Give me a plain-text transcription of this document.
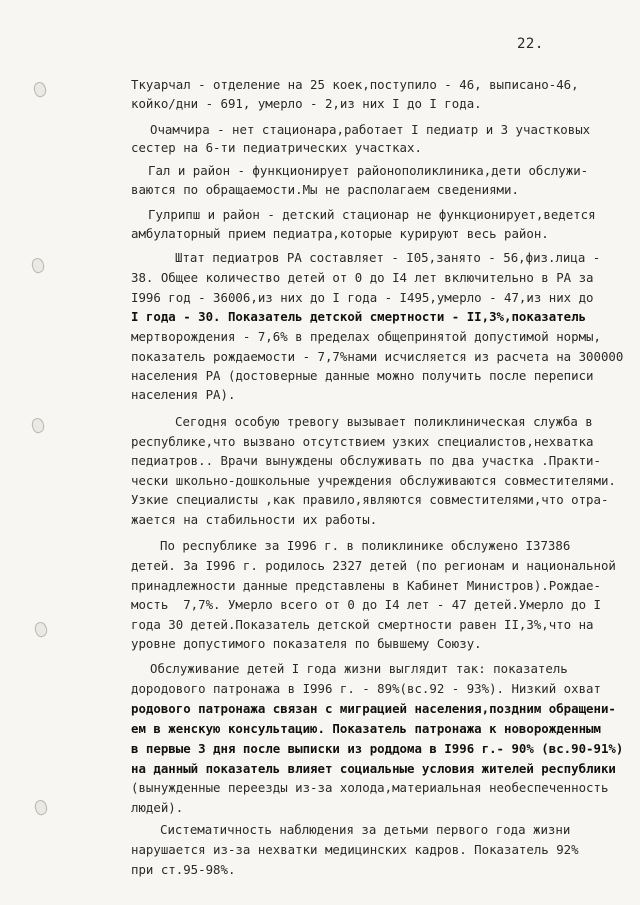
22.
Ткуарчал - отделение на 25 коек,поступило - 46, выписано-46,
койко/дни - 691, умерло - 2,из них I до I года.
Очамчира - нет стационара,работает I педиатр и 3 участковых
сестер на 6-ти педиатрических участках.
Гал и район - функционирует районополиклиника,дети обслужи-
ваются по обращаемости.Мы не располагаем сведениями.
Гулрипш и район - детский стационар не функционирует,ведется
амбулаторный прием педиатра,которые курируют весь район.
Штат педиатров РА составляет - I05,занято - 56,физ.лица -
38. Общее количество детей от 0 до I4 лет включительно в РА за
I996 год - 36006,из них до I года - I495,умерло - 47,из них до
I года - 30. Показатель детской смертности - II,3%,показатель
мертворождения - 7,6% в пределах общепринятой допустимой нормы,
показатель рождаемости - 7,7%нами исчисляется из расчета на 300000
населения РА (достоверные данные можно получить после переписи
населения РА).
Сегодня особую тревогу вызывает поликлиническая служба в
республике,что вызвано отсутствием узких специалистов,нехватка
педиатров.. Врачи вынуждены обслуживать по два участка .Практи-
чески школьно-дошкольные учреждения обслуживаются совместителями.
Узкие специалисты ,как правило,являются совместителями,что отра-
жается на стабильности их работы.
По республике за I996 г. в поликлинике обслужено I37386
детей. За I996 г. родилось 2327 детей (по регионам и национальной
принадлежности данные представлены в Кабинет Министров).Рождае-
мость  7,7%. Умерло всего от 0 до I4 лет - 47 детей.Умерло до I
года 30 детей.Показатель детской смертности равен II,3%,что на
уровне допустимого показателя по бывшему Союзу.
Обслуживание детей I года жизни выглядит так: показатель
дородового патронажа в I996 г. - 89%(вс.92 - 93%). Низкий охват
родового патронажа связан с миграцией населения,поздним обращени-
ем в женскую консультацию. Показатель патронажа к новорожденным
в первые 3 дня после выписки из роддома в I996 г.- 90% (вс.90-91%)
на данный показатель влияет социальные условия жителей республики
(вынужденные переезды из-за холода,материальная необеспеченность
людей).
Систематичность наблюдения за детьми первого года жизни
нарушается из-за нехватки медицинских кадров. Показатель 92%
при ст.95-98%.
